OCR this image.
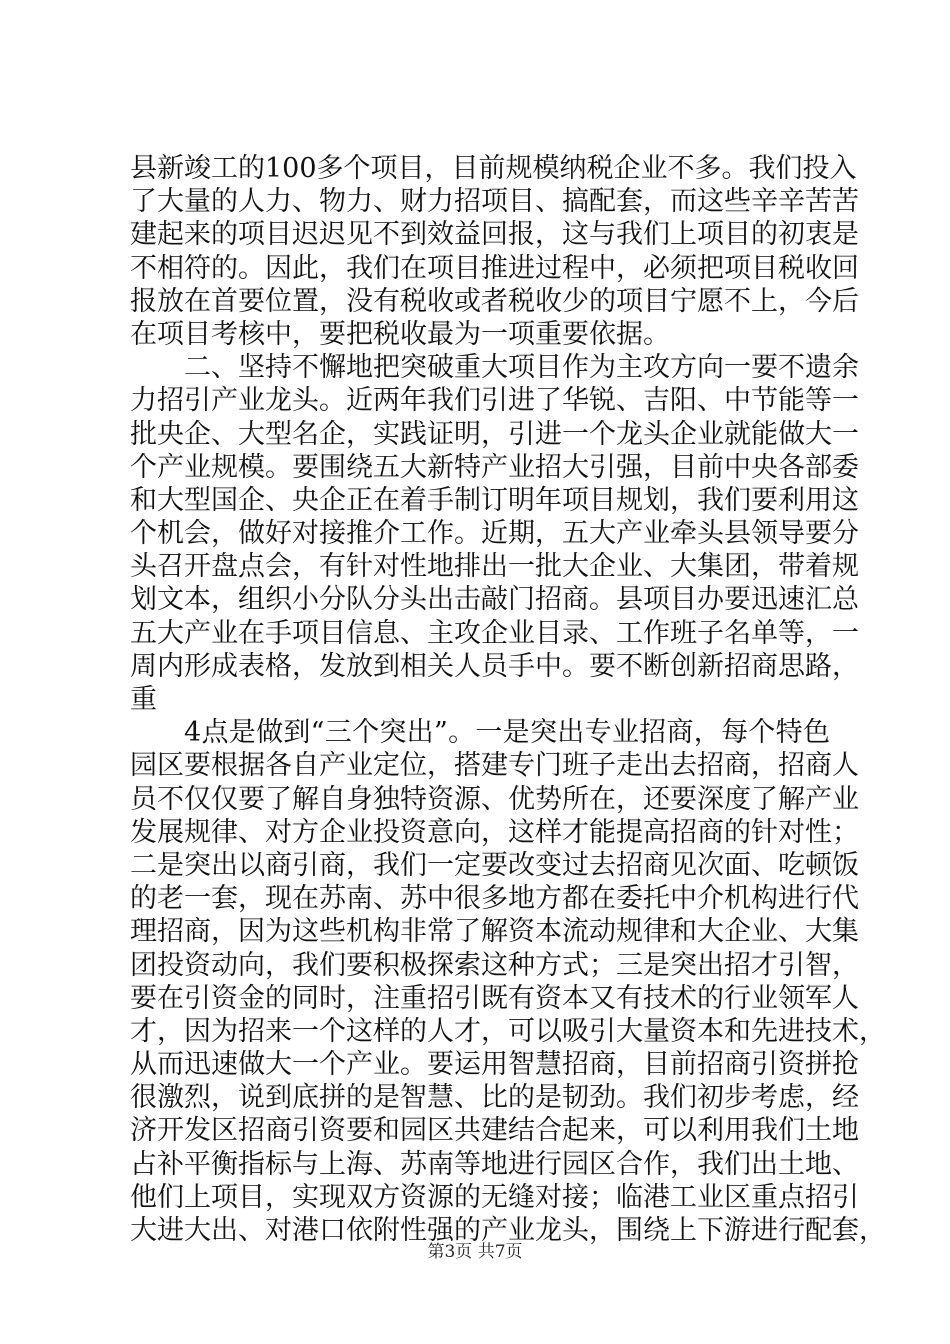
县新竣工的100多个项目，目前规模纳税企业不多。我们投入
了大量的人力、物力、财力招项目、搞配套，而这些辛辛苦苦
建起来的项目迟迟见不到效益回报，这与我们上项目的初衷是
不相符的。因此，我们在项目推进过程中，必须把项目税收回
报放在首要位置，没有税收或者税收少的项目宁愿不上，今后
在项目考核中，要把税收最为一项重要依据。
二、坚持不懈地把突破重大项目作为主攻方向一要不遗余
力招引产业龙头。近两年我们引进了华锐、吉阳、中节能等一
批央企、大型名企，实践证明，引进一个龙头企业就能做大一
个产业规模。要围绕五大新特产业招大引强，目前中央各部委
和大型国企、央企正在着手制订明年项目规划，我们要利用这
个机会，做好对接推介工作。近期，五大产业牵头县领导要分
头召开盘点会，有针对性地排出一批大企业、大集团，带着规
划文本，组织小分队分头出击敲门招商。县项目办要迅速汇总
五大产业在手项目信息、主攻企业目录、工作班子名单等，一
周内形成表格，发放到相关人员手中。要不断创新招商思路，
重
4点是做到“三个突出”。一是突出专业招商，每个特色
园区要根据各自产业定位，搭建专门班子走出去招商，招商人
员不仅仅要了解自身独特资源、优势所在，还要深度了解产业
发展规律、对方企业投资意向，这样才能提高招商的针对性；
二是突出以商引商，我们一定要改变过去招商见次面、吃顿饭
的老一套，现在苏南、苏中很多地方都在委托中介机构进行代
理招商，因为这些机构非常了解资本流动规律和大企业、大集
团投资动向，我们要积极探索这种方式；三是突出招才引智，
要在引资金的同时，注重招引既有资本又有技术的行业领军人
才，因为招来一个这样的人才，可以吸引大量资本和先进技术，
从而迅速做大一个产业。要运用智慧招商，目前招商引资拼抢
很激烈，说到底拼的是智慧、比的是韧劲。我们初步考虑，经
济开发区招商引资要和园区共建结合起来，可以利用我们土地
占补平衡指标与上海、苏南等地进行园区合作，我们出土地、
他们上项目，实现双方资源的无缝对接；临港工业区重点招引
大进大出、对港口依附性强的产业龙头，围绕上下游进行配套，
第3页 共7页
